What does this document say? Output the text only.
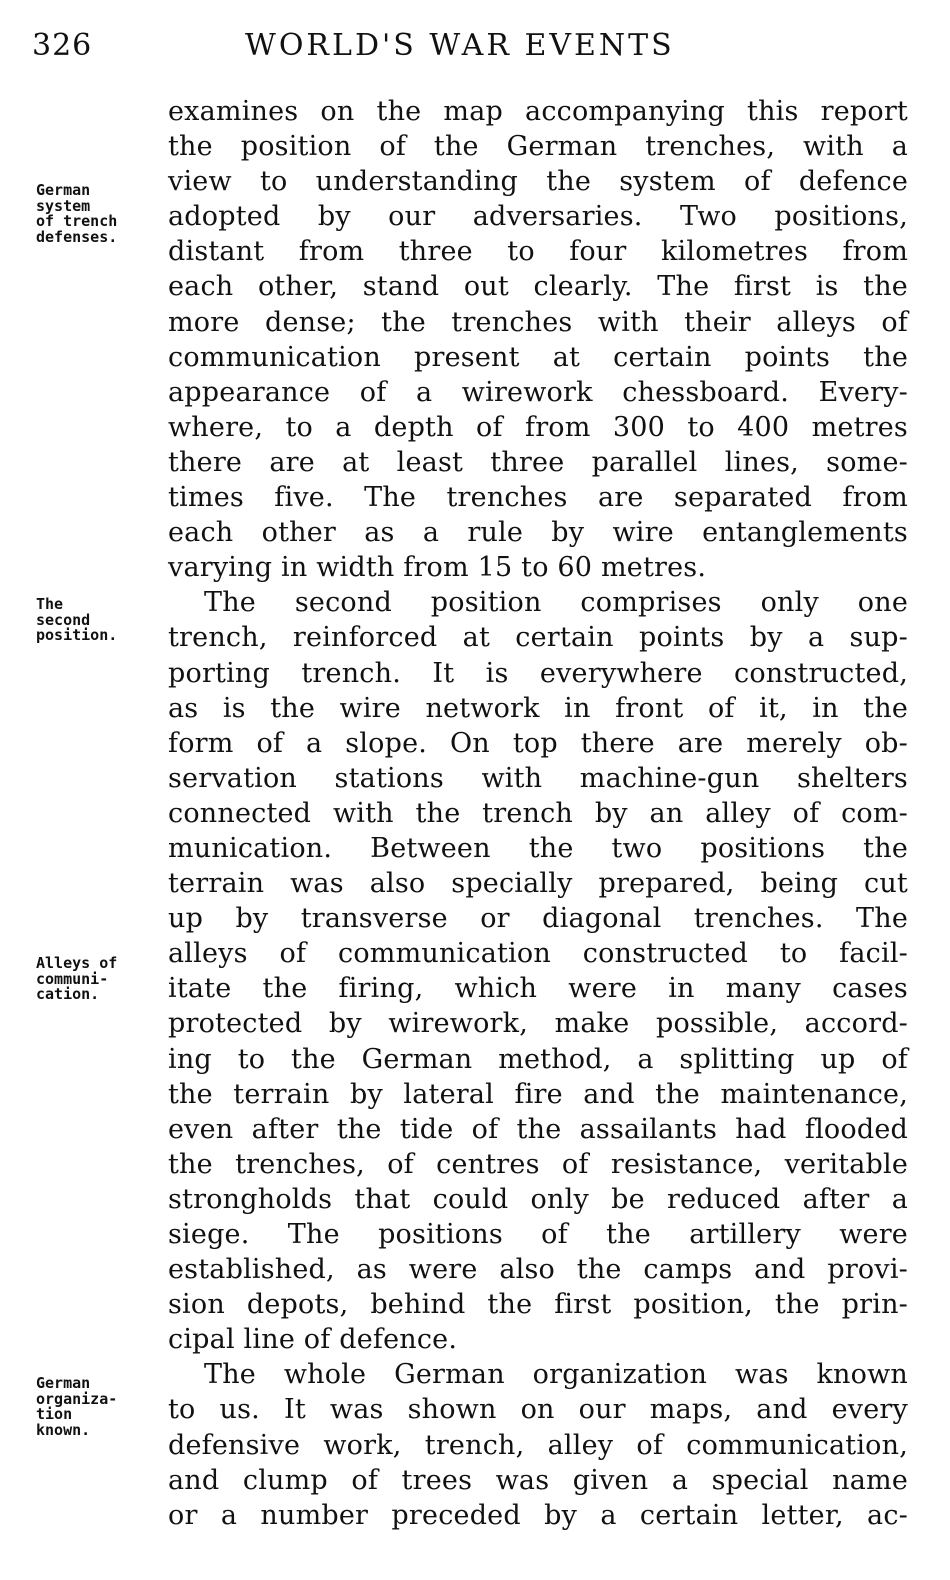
326	WORLD'S WAR EVENTS
German
system
of trench
defenses.
The
second
position.
Alleys of
communi-
cation.
German
organiza-
tion
known.
examines on the map accompanying this report
the position of the German trenches, with a
view to understanding the system of defence
adopted by our adversaries. Two positions,
distant from three to four kilometres from
each other, stand out clearly. The first is the
more dense; the trenches with their alleys of
communication present at certain points the
appearance of a wirework chessboard. Every-
where, to a depth of from 300 to 400 metres
there are at least three parallel lines, some-
times five. The trenches are separated from
each other as a rule by wire entanglements
varying in width from 15 to 60 metres.
The second position comprises only one
trench, reinforced at certain points by a sup-
porting trench. It is everywhere constructed,
as is the wire network in front of it, in the
form of a slope. On top there are merely ob-
servation stations with machine-gun shelters
connected with the trench by an alley of com-
munication. Between the two positions the
terrain was also specially prepared, being cut
up by transverse or diagonal trenches. The
alleys of communication constructed to facil-
itate the firing, which were in many cases
protected by wirework, make possible, accord-
ing to the German method, a splitting up of
the terrain by lateral fire and the maintenance,
even after the tide of the assailants had flooded
the trenches, of centres of resistance, veritable
strongholds that could only be reduced after a
siege. The positions of the artillery were
established, as were also the camps and provi-
sion depots, behind the first position, the prin-
cipal line of defence.
The whole German organization was known
to us. It was shown on our maps, and every
defensive work, trench, alley of communication,
and clump of trees was given a special name
or a number preceded by a certain letter, ac-
